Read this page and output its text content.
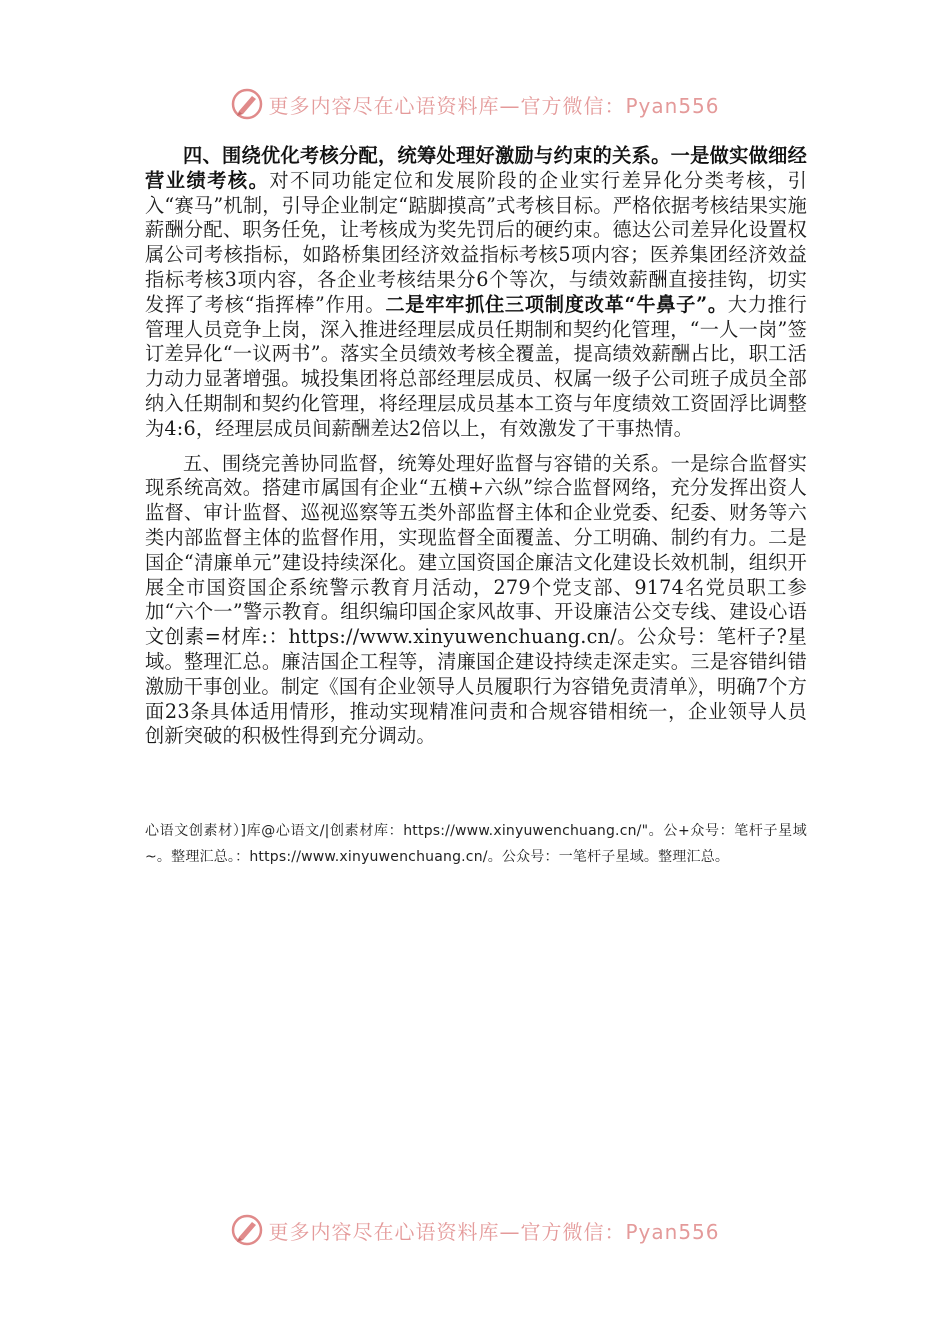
更多内容尽在心语资料库—官方微信：Pyan556

四、围绕优化考核分配，统筹处理好激励与约束的关系。一是做实做细经营业绩考核。对不同功能定位和发展阶段的企业实行差异化分类考核，引入“赛马”机制，引导企业制定“踮脚摸高”式考核目标。严格依据考核结果实施薪酬分配、职务任免，让考核成为奖先罚后的硬约束。德达公司差异化设置权属公司考核指标，如路桥集团经济效益指标考核5项内容；医养集团经济效益指标考核3项内容，各企业考核结果分6个等次，与绩效薪酬直接挂钩，切实发挥了考核“指挥棒”作用。二是牢牢抓住三项制度改革“牛鼻子”。大力推行管理人员竞争上岗，深入推进经理层成员任期制和契约化管理，“一人一岗”签订差异化“一议两书”。落实全员绩效考核全覆盖，提高绩效薪酬占比，职工活力动力显著增强。城投集团将总部经理层成员、权属一级子公司班子成员全部纳入任期制和契约化管理，将经理层成员基本工资与年度绩效工资固浮比调整为4:6，经理层成员间薪酬差达2倍以上，有效激发了干事热情。

五、围绕完善协同监督，统筹处理好监督与容错的关系。一是综合监督实现系统高效。搭建市属国有企业“五横+六纵”综合监督网络，充分发挥出资人监督、审计监督、巡视巡察等五类外部监督主体和企业党委、纪委、财务等六类内部监督主体的监督作用，实现监督全面覆盖、分工明确、制约有力。二是国企“清廉单元”建设持续深化。建立国资国企廉洁文化建设长效机制，组织开展全市国资国企系统警示教育月活动，279个党支部、9174名党员职工参加“六个一”警示教育。组织编印国企家风故事、开设廉洁公交专线、建设心语文创素=材库:：https://www.xinyuwenchuang.cn/。公众号：笔杆子?星域。整理汇总。廉洁国企工程等，清廉国企建设持续走深走实。三是容错纠错激励干事创业。制定《国有企业领导人员履职行为容错免责清单》，明确7个方面23条具体适用情形，推动实现精准问责和合规容错相统一，企业领导人员创新突破的积极性得到充分调动。

心语文创素材）]库@心语文/|创素材库：https://www.xinyuwenchuang.cn/"。公+众号：笔杆子星域~。整理汇总。：https://www.xinyuwenchuang.cn/。公众号：一笔杆子星域。整理汇总。

更多内容尽在心语资料库—官方微信：Pyan556
